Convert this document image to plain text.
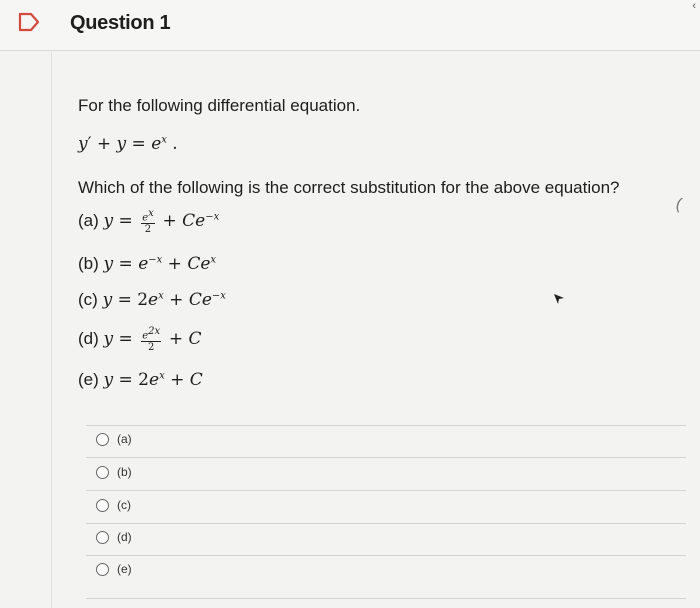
Question 1
‹
For the following differential equation.
$y' + y = e^x$ .
Which of the following is the correct substitution for the above equation?
(a) $y = \frac{e^x}{2} + Ce^{-x}$
(b) $y = e^{-x} + Ce^x$
(c) $y = 2e^x + Ce^{-x}$
(d) $y = \frac{e^{2x}}{2} + C$
(e) $y = 2e^x + C$
(
(a)
(b)
(c)
(d)
(e)
